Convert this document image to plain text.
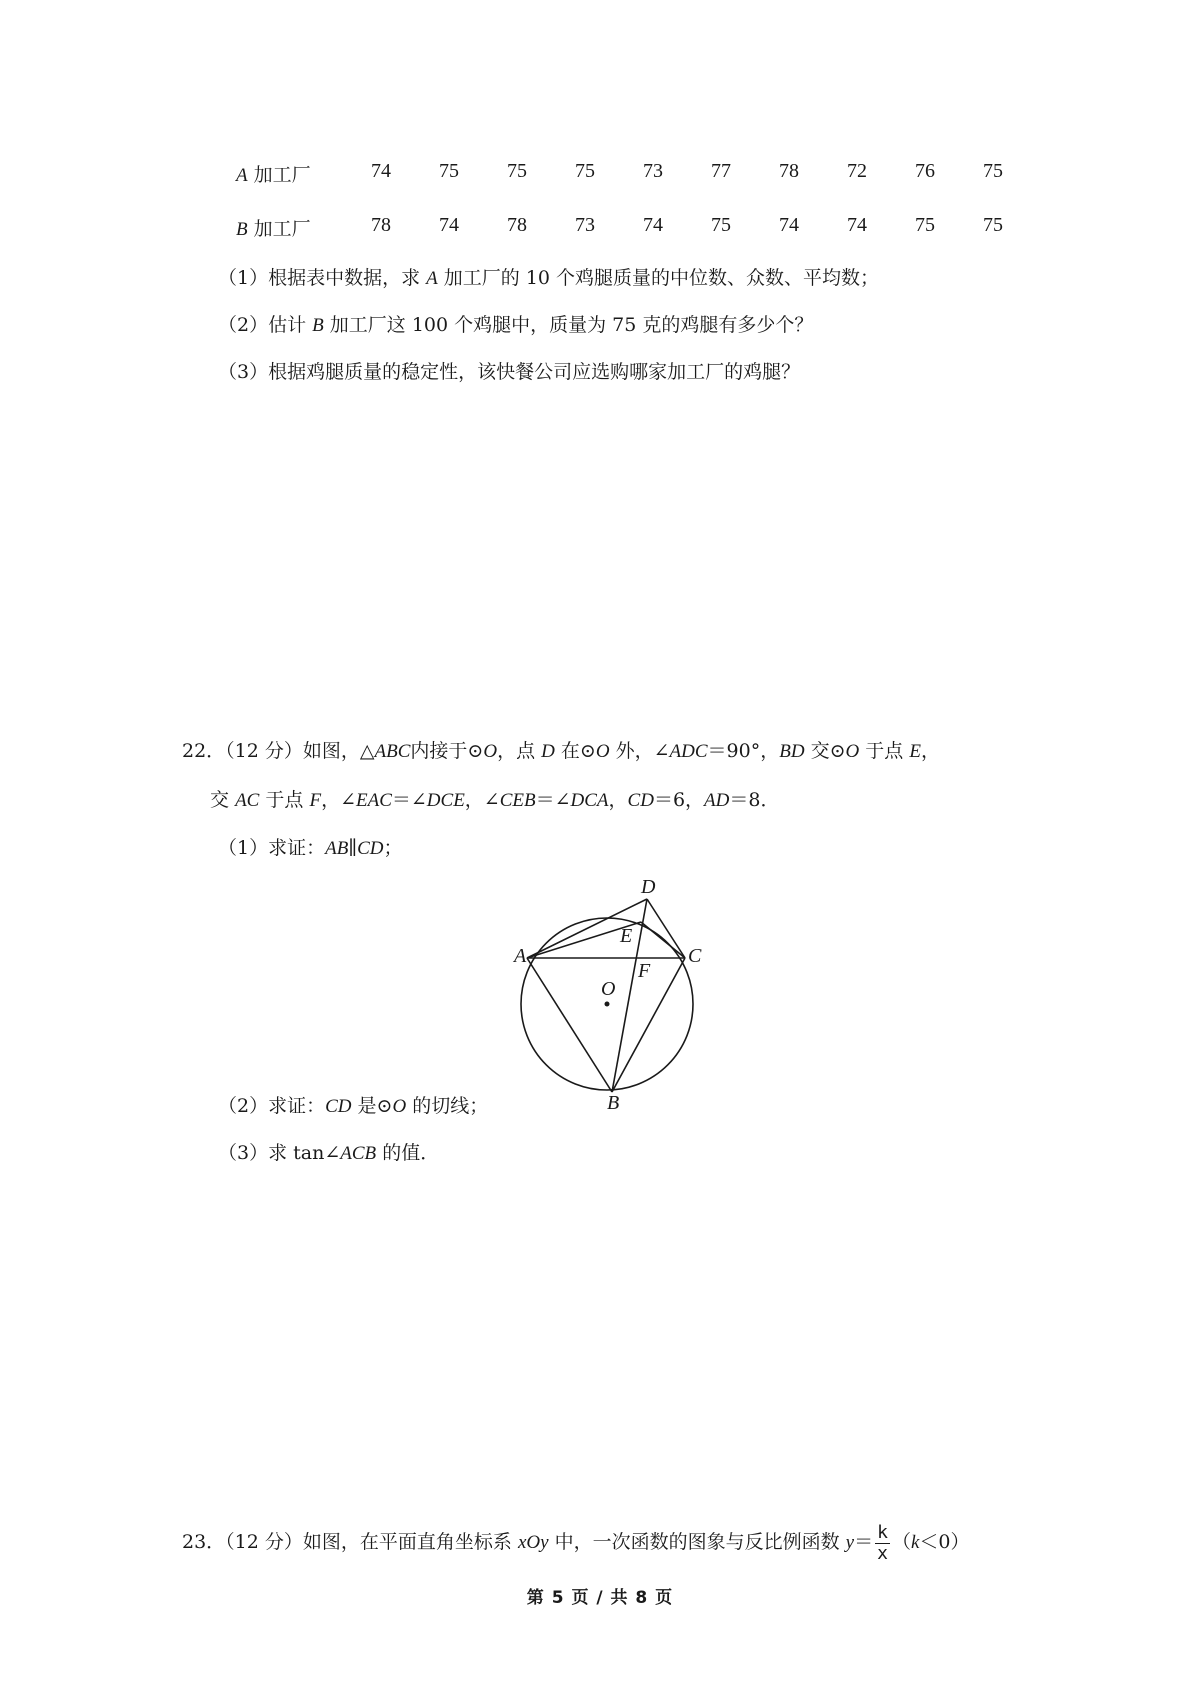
A 加工厂	74	75	75	75	73	77	78	72	76	75
B 加工厂	78	74	78	73	74	75	74	74	75	75
（1）根据表中数据，求 A 加工厂的 10 个鸡腿质量的中位数、众数、平均数；
（2）估计 B 加工厂这 100 个鸡腿中，质量为 75 克的鸡腿有多少个？
（3）根据鸡腿质量的稳定性，该快餐公司应选购哪家加工厂的鸡腿？
22．（12 分）如图，△ABC内接于⊙O，点 D 在⊙O 外，∠ADC＝90°，BD 交⊙O 于点 E，
交 AC 于点 F，∠EAC＝∠DCE，∠CEB＝∠DCA，CD＝6，AD＝8．
（1）求证：AB∥CD；
D
E
A	C
F
O
B
（2）求证：CD 是⊙O 的切线；
（3）求 tan∠ACB 的值．
23．（12 分）如图，在平面直角坐标系 xOy 中，一次函数的图象与反比例函数 $y= \frac{k}{x} (k<0)$
第 5 页 / 共 8 页
